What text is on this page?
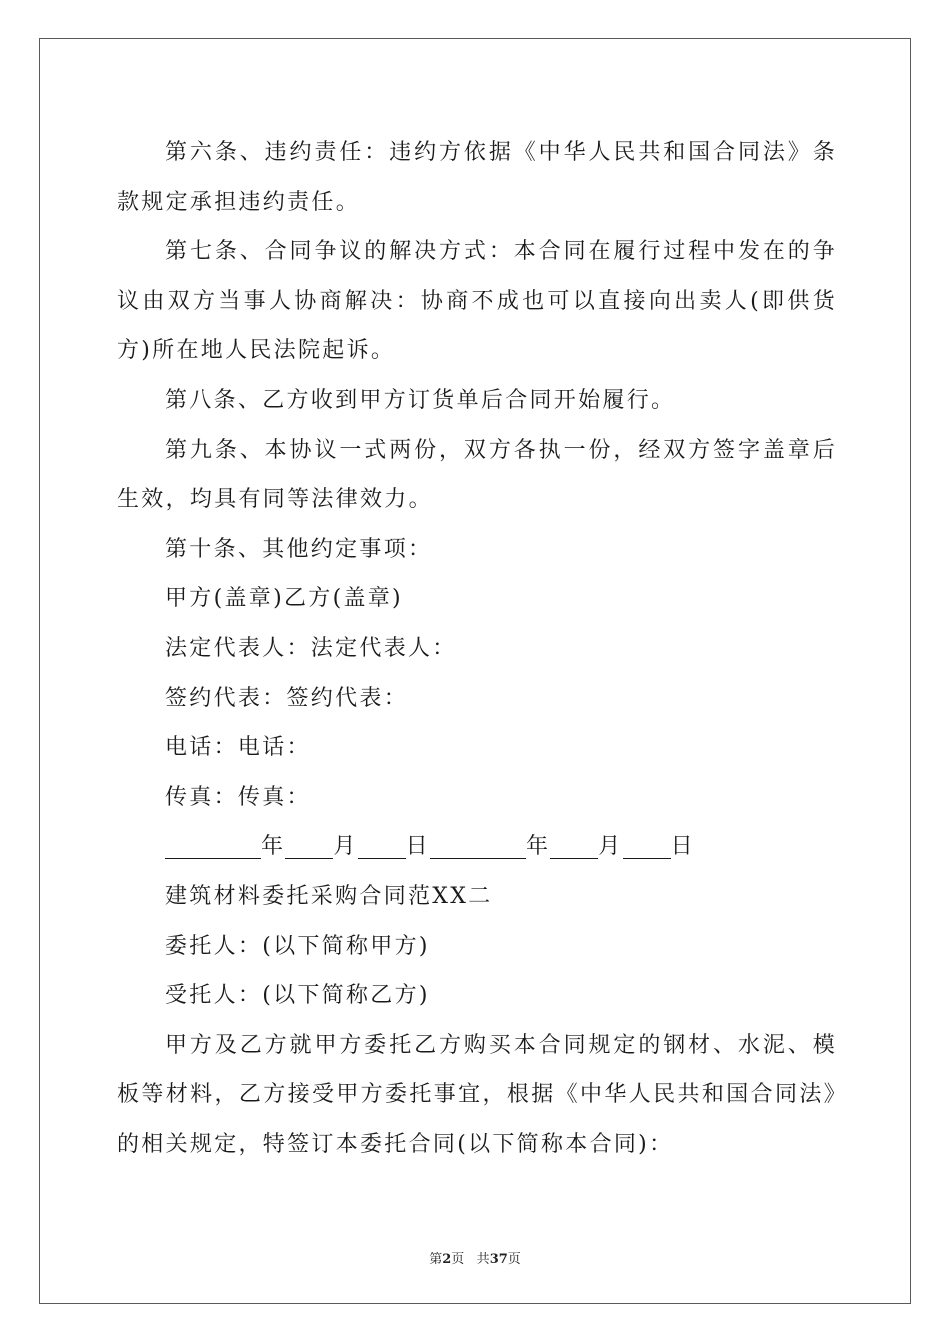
第六条、违约责任：违约方依据《中华人民共和国合同法》条款规定承担违约责任。

第七条、合同争议的解决方式：本合同在履行过程中发在的争议由双方当事人协商解决：协商不成也可以直接向出卖人(即供货方)所在地人民法院起诉。

第八条、乙方收到甲方订货单后合同开始履行。

第九条、本协议一式两份，双方各执一份，经双方签字盖章后生效，均具有同等法律效力。

第十条、其他约定事项：

甲方(盖章)乙方(盖章)

法定代表人：法定代表人：

签约代表：签约代表：

电话：电话：

传真：传真：

年 月 日	年 月 日

建筑材料委托采购合同范XX二

委托人：(以下简称甲方)

受托人：(以下简称乙方)

甲方及乙方就甲方委托乙方购买本合同规定的钢材、水泥、模板等材料，乙方接受甲方委托事宜，根据《中华人民共和国合同法》的相关规定，特签订本委托合同(以下简称本合同)：

第2页 共37页
